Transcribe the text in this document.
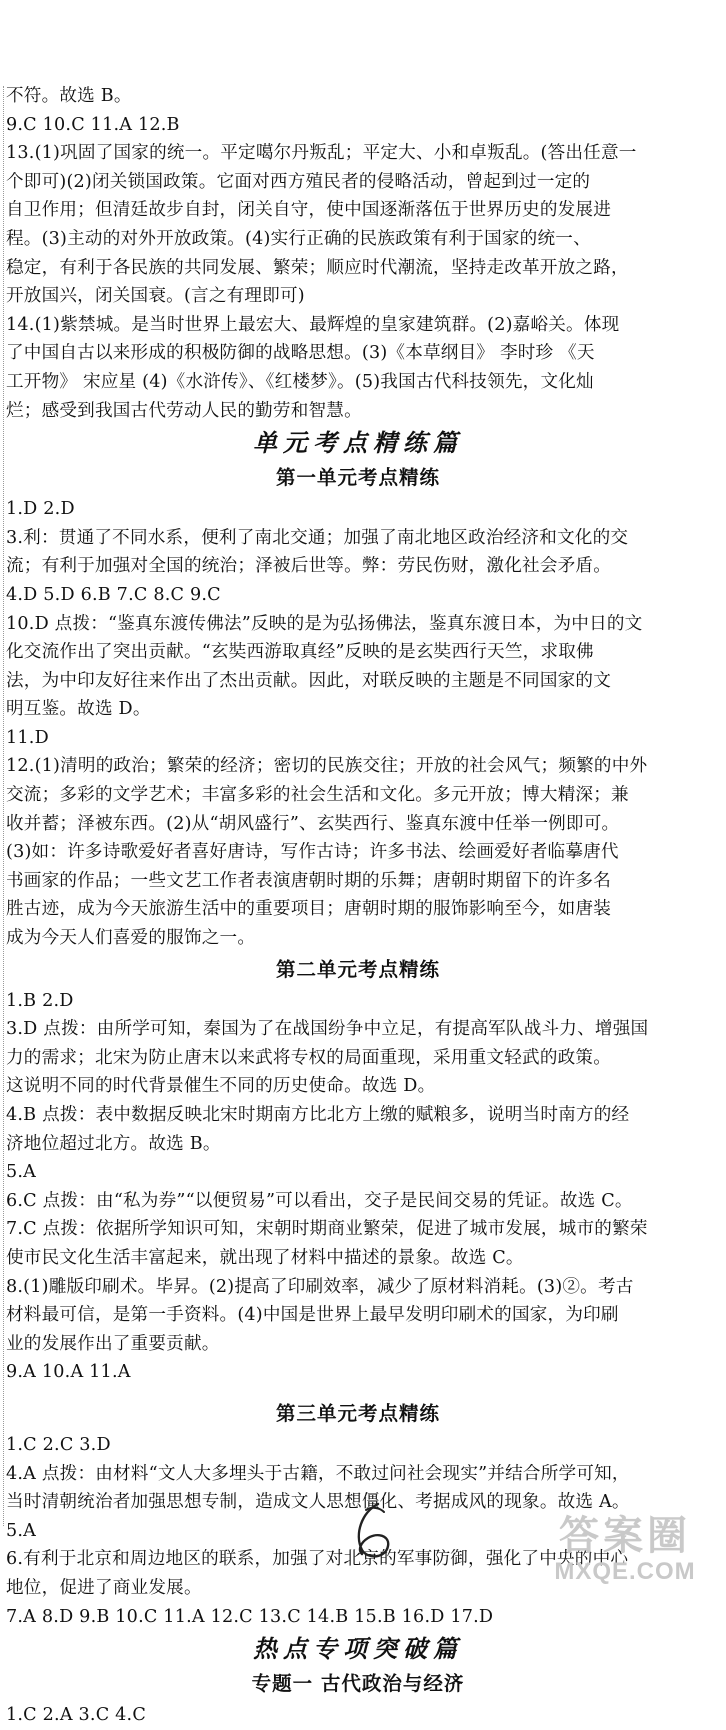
不符。故选 B。
9.C 10.C 11.A 12.B
13.(1)巩固了国家的统一。平定噶尔丹叛乱；平定大、小和卓叛乱。(答出任意一
个即可)(2)闭关锁国政策。它面对西方殖民者的侵略活动，曾起到过一定的
自卫作用；但清廷故步自封，闭关自守，使中国逐渐落伍于世界历史的发展进
程。(3)主动的对外开放政策。(4)实行正确的民族政策有利于国家的统一、
稳定，有利于各民族的共同发展、繁荣；顺应时代潮流，坚持走改革开放之路，
开放国兴，闭关国衰。(言之有理即可)
14.(1)紫禁城。是当时世界上最宏大、最辉煌的皇家建筑群。(2)嘉峪关。体现
了中国自古以来形成的积极防御的战略思想。(3)《本草纲目》 李时珍 《天
工开物》 宋应星 (4)《水浒传》、《红楼梦》。(5)我国古代科技领先，文化灿
烂；感受到我国古代劳动人民的勤劳和智慧。
单元考点精练篇
第一单元考点精练
1.D 2.D
3.利：贯通了不同水系，便利了南北交通；加强了南北地区政治经济和文化的交
流；有利于加强对全国的统治；泽被后世等。弊：劳民伤财，激化社会矛盾。
4.D 5.D 6.B 7.C 8.C 9.C
10.D 点拨：“鉴真东渡传佛法”反映的是为弘扬佛法，鉴真东渡日本，为中日的文
化交流作出了突出贡献。“玄奘西游取真经”反映的是玄奘西行天竺，求取佛
法，为中印友好往来作出了杰出贡献。因此，对联反映的主题是不同国家的文
明互鉴。故选 D。
11.D
12.(1)清明的政治；繁荣的经济；密切的民族交往；开放的社会风气；频繁的中外
交流；多彩的文学艺术；丰富多彩的社会生活和文化。多元开放；博大精深；兼
收并蓄；泽被东西。(2)从“胡风盛行”、玄奘西行、鉴真东渡中任举一例即可。
(3)如：许多诗歌爱好者喜好唐诗，写作古诗；许多书法、绘画爱好者临摹唐代
书画家的作品；一些文艺工作者表演唐朝时期的乐舞；唐朝时期留下的许多名
胜古迹，成为今天旅游生活中的重要项目；唐朝时期的服饰影响至今，如唐装
成为今天人们喜爱的服饰之一。
第二单元考点精练
1.B 2.D
3.D 点拨：由所学可知，秦国为了在战国纷争中立足，有提高军队战斗力、增强国
力的需求；北宋为防止唐末以来武将专权的局面重现，采用重文轻武的政策。
这说明不同的时代背景催生不同的历史使命。故选 D。
4.B 点拨：表中数据反映北宋时期南方比北方上缴的赋粮多，说明当时南方的经
济地位超过北方。故选 B。
5.A
6.C 点拨：由“私为券”“以便贸易”可以看出，交子是民间交易的凭证。故选 C。
7.C 点拨：依据所学知识可知，宋朝时期商业繁荣，促进了城市发展，城市的繁荣
使市民文化生活丰富起来，就出现了材料中描述的景象。故选 C。
8.(1)雕版印刷术。毕昇。(2)提高了印刷效率，减少了原材料消耗。(3)②。考古
材料最可信，是第一手资料。(4)中国是世界上最早发明印刷术的国家，为印刷
业的发展作出了重要贡献。
9.A 10.A 11.A
第三单元考点精练
1.C 2.C 3.D
4.A 点拨：由材料“文人大多埋头于古籍，不敢过问社会现实”并结合所学可知，
当时清朝统治者加强思想专制，造成文人思想僵化、考据成风的现象。故选 A。
5.A
6.有利于北京和周边地区的联系，加强了对北京的军事防御，强化了中央的中心
地位，促进了商业发展。
7.A 8.D 9.B 10.C 11.A 12.C 13.C 14.B 15.B 16.D 17.D
热点专项突破篇
专题一 古代政治与经济
1.C 2.A 3.C 4.C
答案圈
MXQE.COM
